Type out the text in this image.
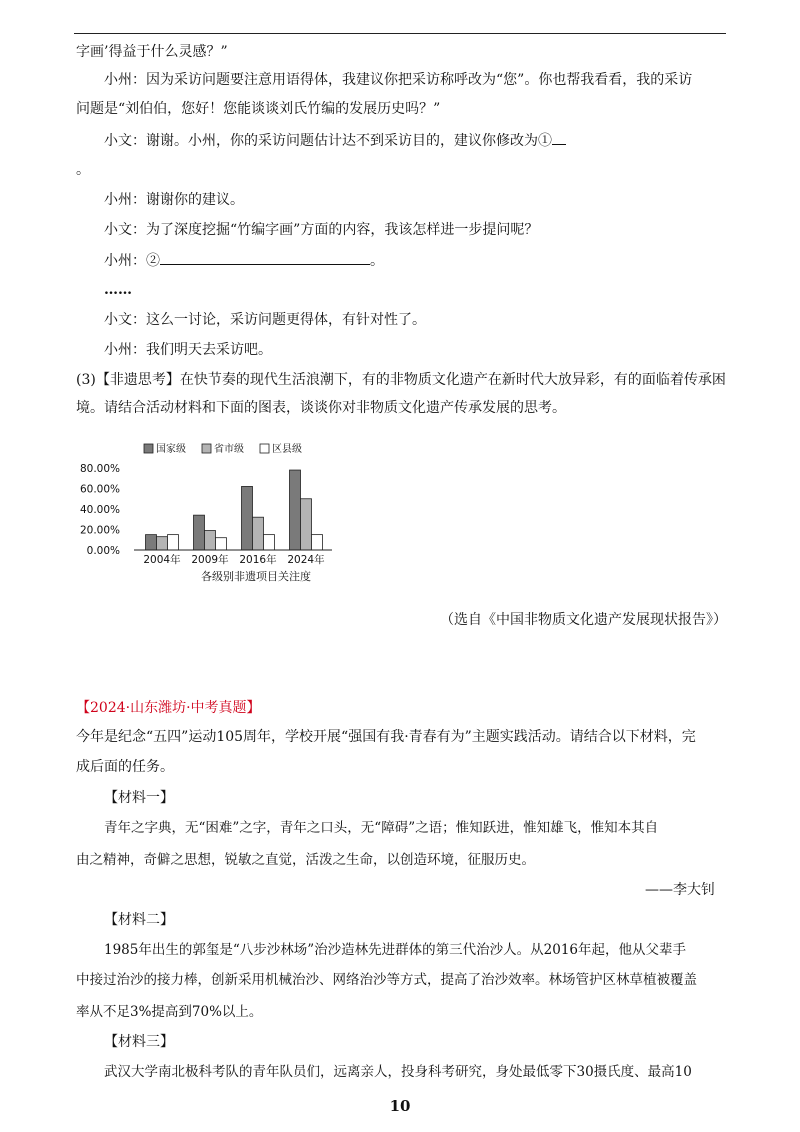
字画’得益于什么灵感？”
小州：因为采访问题要注意用语得体，我建议你把采访称呼改为“您”。你也帮我看看，我的采访
问题是“刘伯伯，您好！您能谈谈刘氏竹编的发展历史吗？”
小文：谢谢。小州，你的采访问题估计达不到采访目的，建议你修改为①
。
小州：谢谢你的建议。
小文：为了深度挖掘“竹编字画”方面的内容，我该怎样进一步提问呢？
小州：②	。
……
小文：这么一讨论，采访问题更得体，有针对性了。
小州：我们明天去采访吧。
(3)【非遗思考】在快节奏的现代生活浪潮下，有的非物质文化遗产在新时代大放异彩，有的面临着传承困
境。请结合活动材料和下面的图表，谈谈你对非物质文化遗产传承发展的思考。
国家级	省市级	区县级
0.00%
20.00%
40.00%
60.00%
80.00%
2004年 2009年 2016年 2024年
各级别非遗项目关注度
（选自《中国非物质文化遗产发展现状报告》）
【2024·山东潍坊·中考真题】
今年是纪念“五四”运动105周年，学校开展“强国有我·青春有为”主题实践活动。请结合以下材料，完
成后面的任务。
【材料一】
青年之字典，无“困难”之字，青年之口头，无“障碍”之语；惟知跃进，惟知雄飞，惟知本其自
由之精神，奇僻之思想，锐敏之直觉，活泼之生命，以创造环境，征服历史。
——李大钊
【材料二】
1985年出生的郭玺是“八步沙林场”治沙造林先进群体的第三代治沙人。从2016年起，他从父辈手
中接过治沙的接力棒，创新采用机械治沙、网络治沙等方式，提高了治沙效率。林场管护区林草植被覆盖
率从不足3%提高到70%以上。
【材料三】
武汉大学南北极科考队的青年队员们，远离亲人，投身科考研究，身处最低零下30摄氏度、最高10
10
